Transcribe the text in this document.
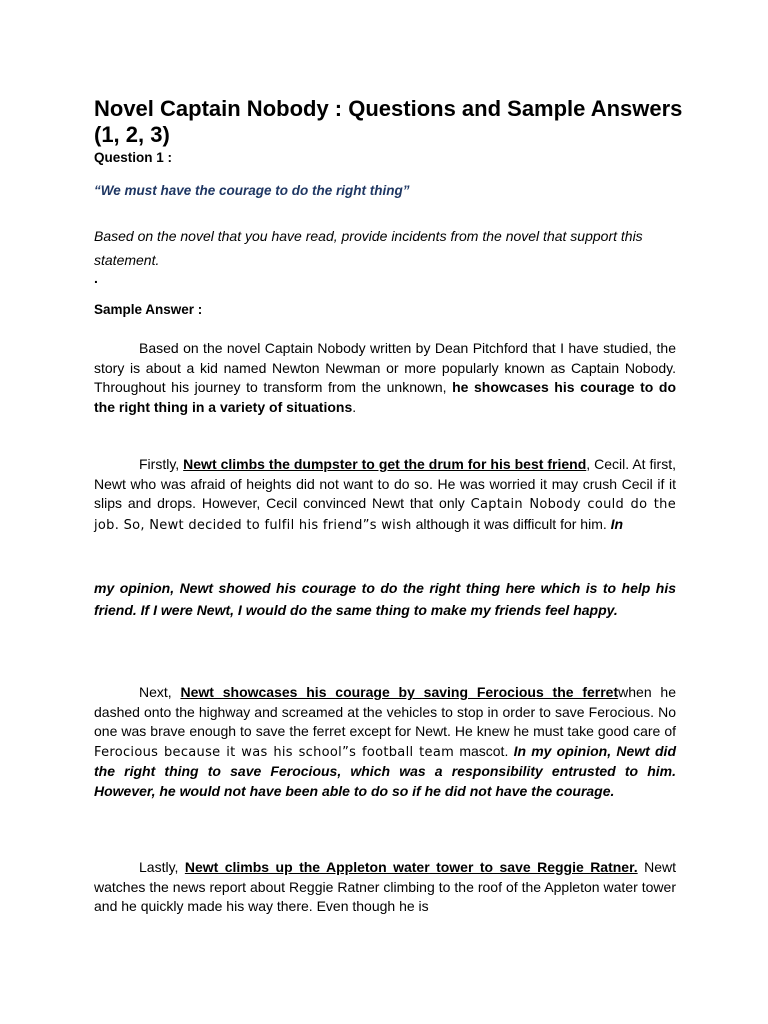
Novel Captain Nobody : Questions and Sample Answers (1, 2, 3)
Question 1 :
“We must have the courage to do the right thing”
Based on the novel that you have read, provide incidents from the novel that support this statement.
.
Sample Answer :

Based on the novel Captain Nobody written by Dean Pitchford that I have studied, the story is about a kid named Newton Newman or more popularly known as Captain Nobody. Throughout his journey to transform from the unknown, he showcases his courage to do the right thing in a variety of situations.

Firstly, Newt climbs the dumpster to get the drum for his best friend, Cecil. At first, Newt who was afraid of heights did not want to do so. He was worried it may crush Cecil if it slips and drops. However, Cecil convinced Newt that only Captain Nobody could do the job. So, Newt decided to fulfil his friend”s wish although it was difficult for him. In

my opinion, Newt showed his courage to do the right thing here which is to help his friend. If I were Newt, I would do the same thing to make my friends feel happy.

Next, Newt showcases his courage by saving Ferocious the ferretwhen he dashed onto the highway and screamed at the vehicles to stop in order to save Ferocious. No one was brave enough to save the ferret except for Newt. He knew he must take good care of Ferocious because it was his school”s football team mascot. In my opinion, Newt did the right thing to save Ferocious, which was a responsibility entrusted to him. However, he would not have been able to do so if he did not have the courage.

Lastly, Newt climbs up the Appleton water tower to save Reggie Ratner. Newt watches the news report about Reggie Ratner climbing to the roof of the Appleton water tower and he quickly made his way there. Even though he is
